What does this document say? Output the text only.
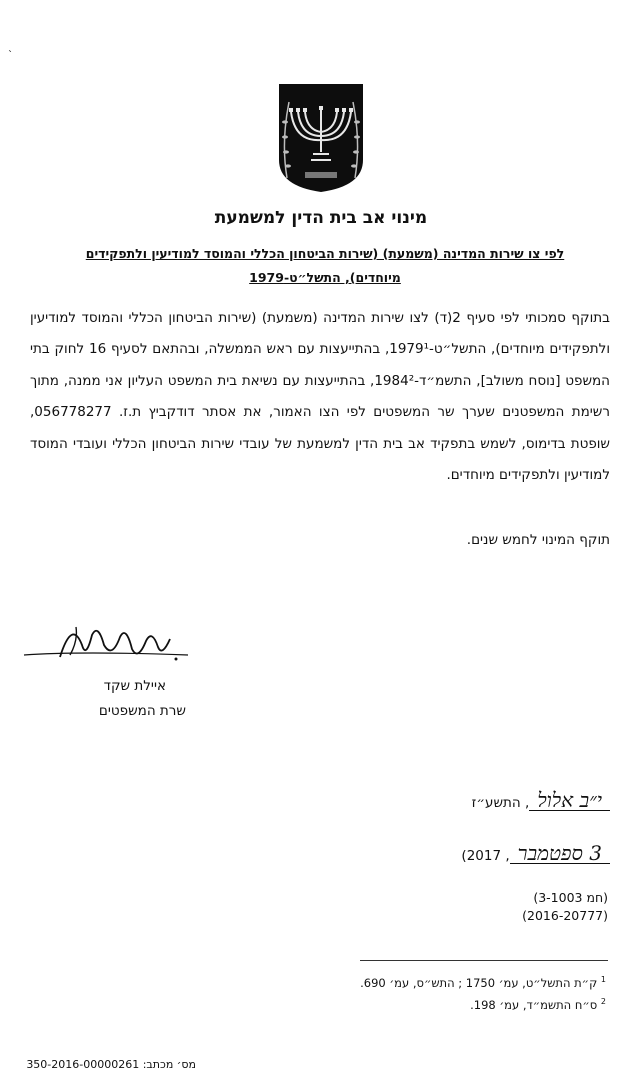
`
מינוי אב בית הדין למשמעת
לפי צו שירות המדינה (משמעת) (שירות הביטחון הכללי והמוסד למודיעין ולתפקידים
מיוחדים), התשל״ט-1979

בתוקף סמכותי לפי סעיף 2(ד) לצו שירות המדינה (משמעת) (שירות הביטחון הכללי והמוסד למודיעין ולתפקידים מיוחדים), התשל״ט-1979¹, בהתייעצות עם ראש הממשלה, ובהתאם לסעיף 16 לחוק בתי המשפט [נוסח משולב], התשמ״ד-1984², בהתייעצות עם נשיאת בית המשפט העליון אני ממנה, מתוך רשימת המשפטנים שערך שר המשפטים לפי הצו האמור, את אסתר דודקביץ ת.ז. 056778277, שופטת בדימוס, לשמש בתפקיד אב בית הדין למשמעת של עובדי שירות הביטחון הכללי ועובדי המוסד למודיעין ולתפקידים מיוחדים.

תוקף המינוי לחמש שנים.
איילת שקד
שרת המשפטים
י״ב אלול, התשע״ז
3 ספטמבר, 2017)
(חמ 3-1003)
(2016-20777)
$^1$ ק״ת התשל״ט, עמ׳ 1750 ; התש״ס, עמ׳ 690.
$^2$ ס״ח התשמ״ד, עמ׳ 198.
מס׳ מכתב: 350-2016-00000261
